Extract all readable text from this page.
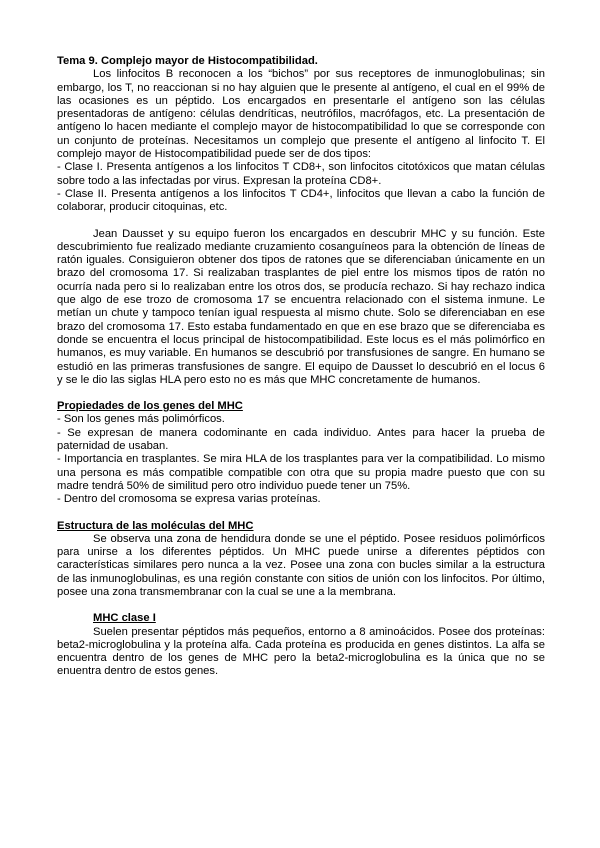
Tema 9. Complejo mayor de Histocompatibilidad.

Los linfocitos B reconocen a los “bichos” por sus receptores de inmunoglobulinas; sin embargo, los T, no reaccionan si no hay alguien que le presente al antígeno, el cual en el 99% de las ocasiones es un péptido. Los encargados en presentarle el antígeno son las células presentadoras de antígeno: células dendríticas, neutrófilos, macrófagos, etc. La presentación de antígeno lo hacen mediante el complejo mayor de histocompatibilidad lo que se corresponde con un conjunto de proteínas. Necesitamos un complejo que presente el antígeno al linfocito T. El complejo mayor de Histocompatibilidad puede ser de dos tipos:

- Clase I. Presenta antígenos a los linfocitos T CD8+, son linfocitos citotóxicos que matan células sobre todo a las infectadas por virus. Expresan la proteína CD8+.

- Clase II. Presenta antígenos a los linfocitos T CD4+, linfocitos que llevan a cabo la función de colaborar, producir citoquinas, etc.

Jean Dausset y su equipo fueron los encargados en descubrir MHC y su función. Este descubrimiento fue realizado mediante cruzamiento cosanguíneos para la obtención de líneas de ratón iguales. Consiguieron obtener dos tipos de ratones que se diferenciaban únicamente en un brazo del cromosoma 17. Si realizaban trasplantes de piel entre los mismos tipos de ratón no ocurría nada pero si lo realizaban entre los otros dos, se producía rechazo. Si hay rechazo indica que algo de ese trozo de cromosoma 17 se encuentra relacionado con el sistema inmune. Le metían un chute y tampoco tenían igual respuesta al mismo chute. Solo se diferenciaban en ese brazo del cromosoma 17. Esto estaba fundamentado en que en ese brazo que se diferenciaba es donde se encuentra el locus principal de histocompatibilidad. Este locus es el más polimórfico en humanos, es muy variable. En humanos se descubrió por transfusiones de sangre. En humano se estudió en las primeras transfusiones de sangre. El equipo de Dausset lo descubrió en el locus 6 y se le dio las siglas HLA pero esto no es más que MHC concretamente de humanos.

Propiedades de los genes del MHC

- Son los genes más polimórficos.

- Se expresan de manera codominante en cada individuo. Antes para hacer la prueba de paternidad de usaban.

- Importancia en trasplantes. Se mira HLA de los trasplantes para ver la compatibilidad. Lo mismo una persona es más compatible compatible con otra que su propia madre puesto que con su madre tendrá 50% de similitud pero otro individuo puede tener un 75%.

- Dentro del cromosoma se expresa varias proteínas.

Estructura de las moléculas del MHC

Se observa una zona de hendidura donde se une el péptido. Posee residuos polimórficos para unirse a los diferentes péptidos. Un MHC puede unirse a diferentes péptidos con características similares pero nunca a la vez. Posee una zona con bucles similar a la estructura de las inmunoglobulinas, es una región constante con sitios de unión con los linfocitos. Por último, posee una zona transmembranar con la cual se une a la membrana.

MHC clase I

Suelen presentar péptidos más pequeños, entorno a 8 aminoácidos. Posee dos proteínas: beta2-microglobulina y la proteína alfa. Cada proteína es producida en genes distintos. La alfa se encuentra dentro de los genes de MHC pero la beta2-microglobulina es la única que no se enuentra dentro de estos genes.
